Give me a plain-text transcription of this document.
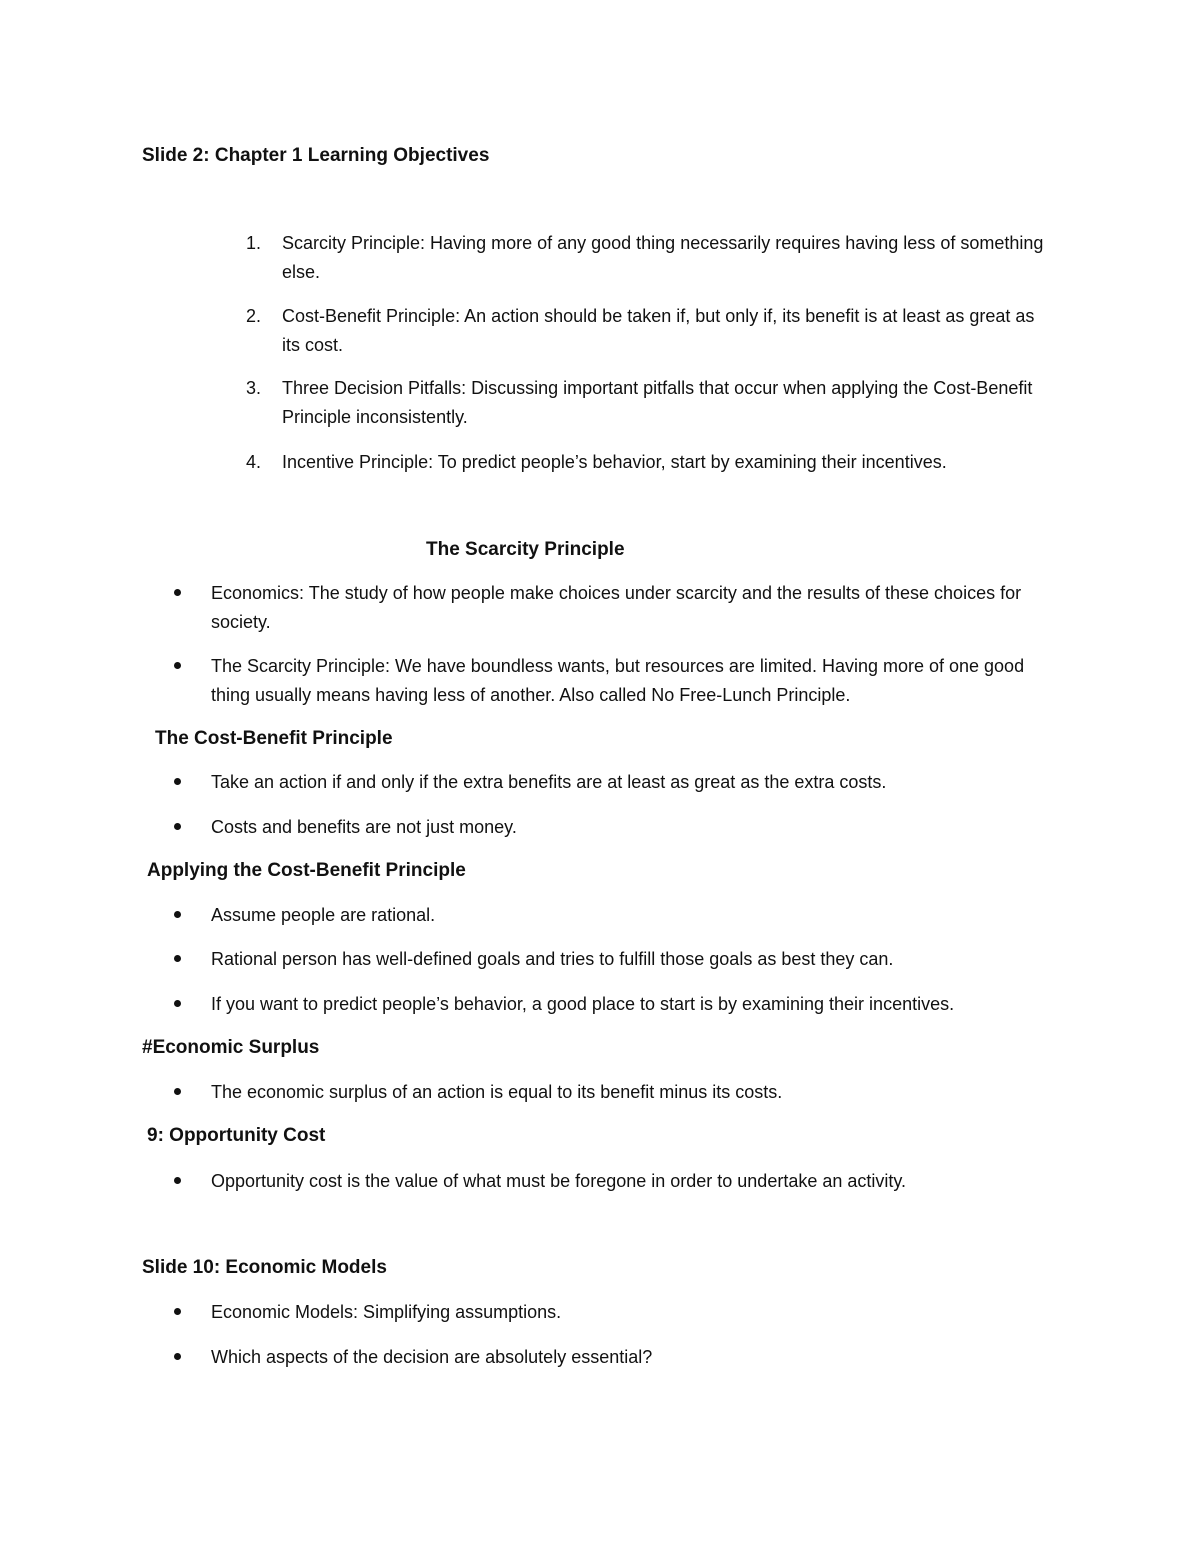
Slide 2: Chapter 1 Learning Objectives
1. Scarcity Principle: Having more of any good thing necessarily requires having less of something else.
2. Cost-Benefit Principle: An action should be taken if, but only if, its benefit is at least as great as its cost.
3. Three Decision Pitfalls: Discussing important pitfalls that occur when applying the Cost-Benefit Principle inconsistently.
4. Incentive Principle: To predict people’s behavior, start by examining their incentives.
The Scarcity Principle
Economics: The study of how people make choices under scarcity and the results of these choices for society.
The Scarcity Principle: We have boundless wants, but resources are limited. Having more of one good thing usually means having less of another. Also called No Free-Lunch Principle.
The Cost-Benefit Principle
Take an action if and only if the extra benefits are at least as great as the extra costs.
Costs and benefits are not just money.
Applying the Cost-Benefit Principle
Assume people are rational.
Rational person has well-defined goals and tries to fulfill those goals as best they can.
If you want to predict people’s behavior, a good place to start is by examining their incentives.
#Economic Surplus
The economic surplus of an action is equal to its benefit minus its costs.
9: Opportunity Cost
Opportunity cost is the value of what must be foregone in order to undertake an activity.
Slide 10: Economic Models
Economic Models: Simplifying assumptions.
Which aspects of the decision are absolutely essential?
